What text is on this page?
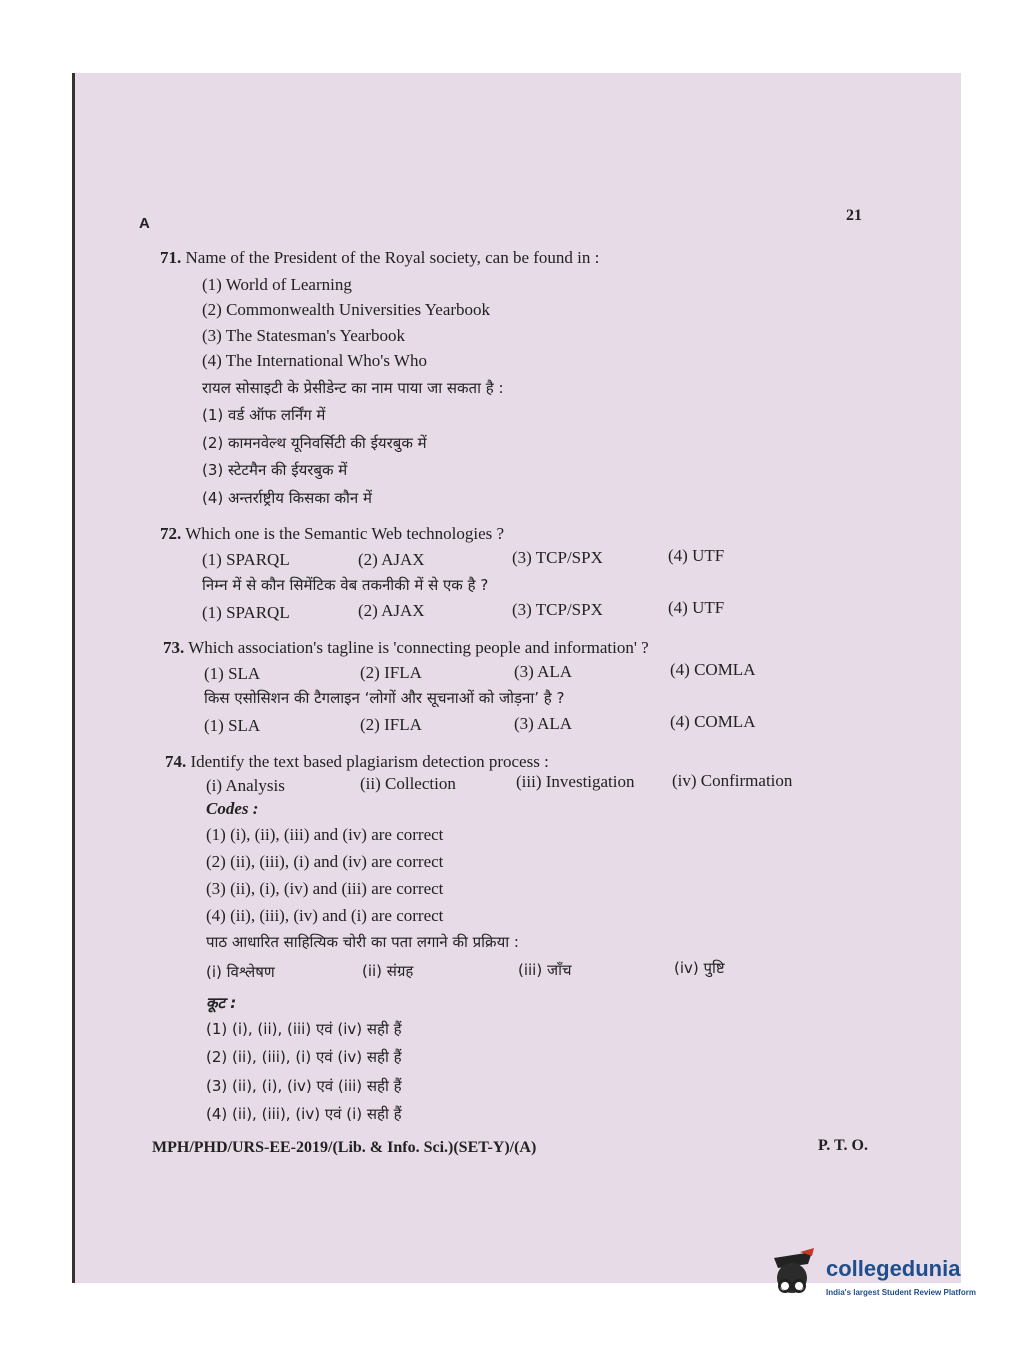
A	21
71. Name of the President of the Royal society, can be found in :
(1) World of Learning
(2) Commonwealth Universities Yearbook
(3) The Statesman's Yearbook
(4) The International Who's Who
रायल सोसाइटी के प्रेसीडेन्ट का नाम पाया जा सकता है :
(1) वर्ड ऑफ लर्निंग में
(2) कामनवेल्थ यूनिवर्सिटी की ईयरबुक में
(3) स्टेटमैन की ईयरबुक में
(4) अन्तर्राष्ट्रीय किसका कौन में
72. Which one is the Semantic Web technologies ?
(1) SPARQL	(2) AJAX	(3) TCP/SPX	(4) UTF
निम्न में से कौन सिमेंटिक वेब तकनीकी में से एक है ?
(1) SPARQL	(2) AJAX	(3) TCP/SPX	(4) UTF
73. Which association's tagline is 'connecting people and information' ?
(1) SLA	(2) IFLA	(3) ALA	(4) COMLA
किस एसोसिशन की टैगलाइन ‘लोगों और सूचनाओं को जोड़ना’ है ?
(1) SLA	(2) IFLA	(3) ALA	(4) COMLA
74. Identify the text based plagiarism detection process :
(i) Analysis	(ii) Collection	(iii) Investigation (iv) Confirmation
Codes :
(1) (i), (ii), (iii) and (iv) are correct
(2) (ii), (iii), (i) and (iv) are correct
(3) (ii), (i), (iv) and (iii) are correct
(4) (ii), (iii), (iv) and (i) are correct
पाठ आधारित साहित्यिक चोरी का पता लगाने की प्रक्रिया :
(i) विश्लेषण	(ii) संग्रह	(iii) जाँच	(iv) पुष्टि
कूट :
(1) (i), (ii), (iii) एवं (iv) सही हैं
(2) (ii), (iii), (i) एवं (iv) सही हैं
(3) (ii), (i), (iv) एवं (iii) सही हैं
(4) (ii), (iii), (iv) एवं (i) सही हैं
MPH/PHD/URS-EE-2019/(Lib. & Info. Sci.)(SET-Y)/(A)	P. T. O.
collegedunia
India's largest Student Review Platform
